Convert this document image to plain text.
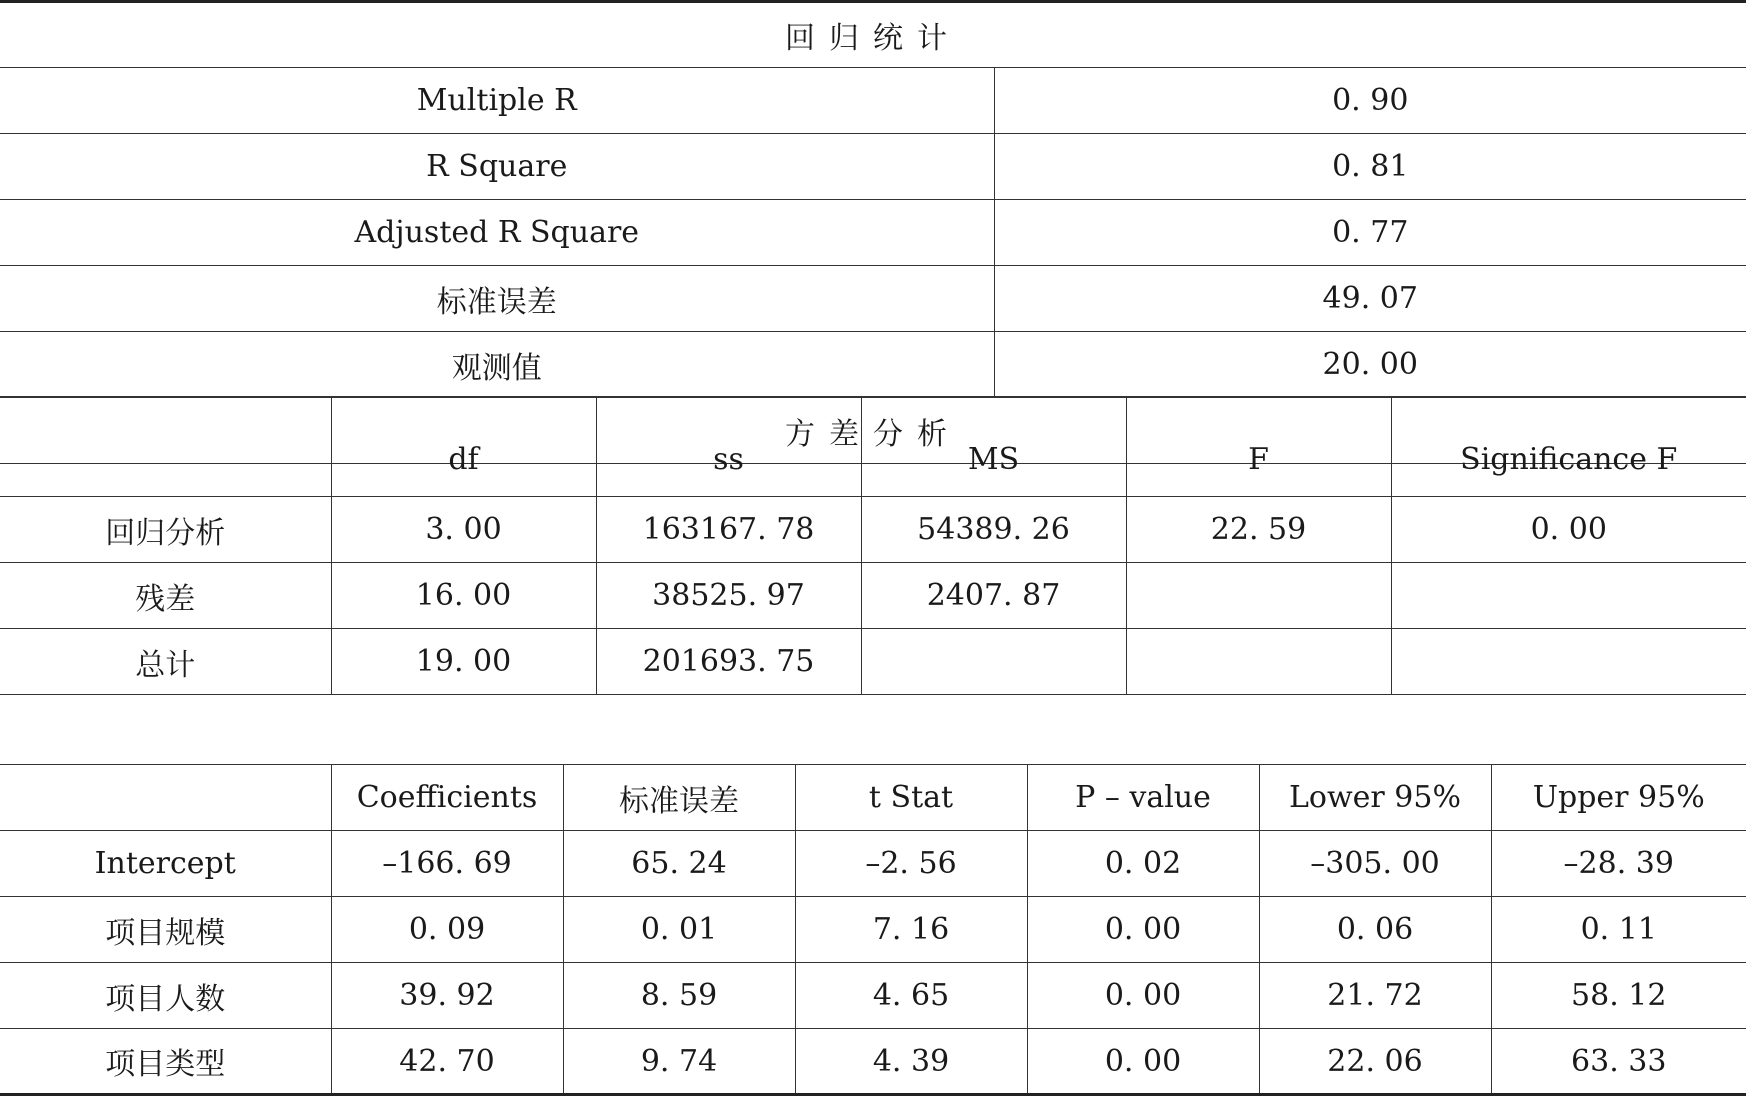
回归统计	
Multiple R	0. 90
R Square	0. 81
Adjusted R Square	0. 77
标准误差	49. 07
观测值	20. 00
方差分析	
	df	ss	MS	F	Significance F
回归分析	3. 00	163167. 78	54389. 26	22. 59	0. 00
残差	16. 00	38525. 97	2407. 87		
总计	19. 00	201693. 75			
	Coefficients	标准误差	t Stat	P – value	Lower 95%	Upper 95%
Intercept	–166. 69	65. 24	–2. 56	0. 02	–305. 00	–28. 39
项目规模	0. 09	0. 01	7. 16	0. 00	0. 06	0. 11
项目人数	39. 92	8. 59	4. 65	0. 00	21. 72	58. 12
项目类型	42. 70	9. 74	4. 39	0. 00	22. 06	63. 33
